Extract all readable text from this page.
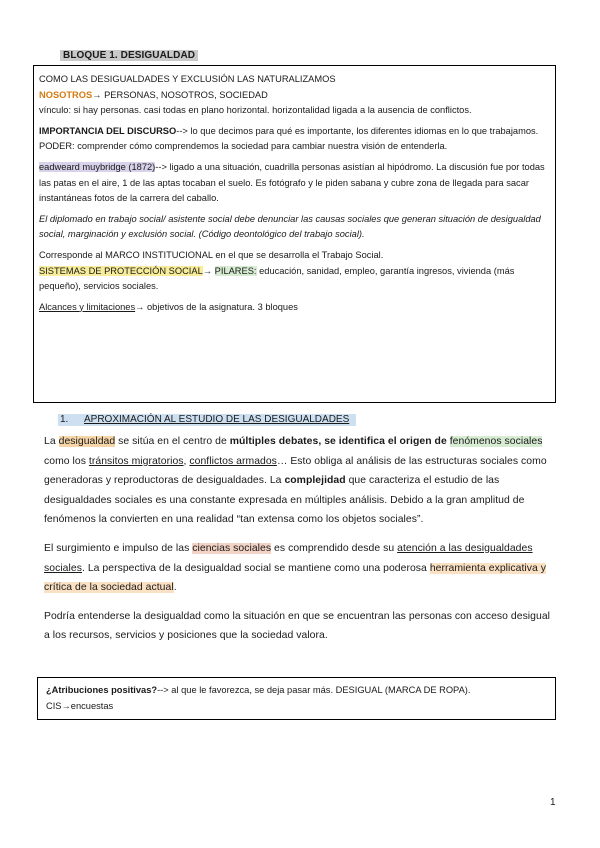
BLOQUE 1. DESIGUALDAD

COMO LAS DESIGUALDADES Y EXCLUSIÓN LAS NATURALIZAMOS

NOSOTROS→ PERSONAS, NOSOTROS, SOCIEDAD

vínculo: si hay personas. casi todas en plano horizontal. horizontalidad ligada a la ausencia de conflictos.

IMPORTANCIA DEL DISCURSO--> lo que decimos para qué es importante, los diferentes idiomas en lo que trabajamos. PODER: comprender cómo comprendemos la sociedad para cambiar nuestra visión de entenderla.

eadweard muybridge (1872)--> ligado a una situación, cuadrilla personas asistían al hipódromo. La discusión fue por todas las patas en el aire, 1 de las aptas tocaban el suelo. Es fotógrafo y le piden sabana y cubre zona de llegada para sacar instantáneas fotos de la carrera del caballo.

El diplomado en trabajo social/ asistente social debe denunciar las causas sociales que generan situación de desigualdad social, marginación y exclusión social. (Código deontológico del trabajo social).

Corresponde al MARCO INSTITUCIONAL en el que se desarrolla el Trabajo Social.

SISTEMAS DE PROTECCIÓN SOCIAL→ PILARES: educación, sanidad, empleo, garantía ingresos, vivienda (más pequeño), servicios sociales.

Alcances y limitaciones→ objetivos de la asignatura. 3 bloques

1. APROXIMACIÓN AL ESTUDIO DE LAS DESIGUALDADES

La desigualdad se sitúa en el centro de múltiples debates, se identifica el origen de fenómenos sociales como los tránsitos migratorios, conflictos armados… Esto obliga al análisis de las estructuras sociales como generadoras y reproductoras de desigualdades. La complejidad que caracteriza el estudio de las desigualdades sociales es una constante expresada en múltiples análisis. Debido a la gran amplitud de fenómenos la convierten en una realidad “tan extensa como los objetos sociales”.

El surgimiento e impulso de las ciencias sociales es comprendido desde su atención a las desigualdades sociales. La perspectiva de la desigualdad social se mantiene como una poderosa herramienta explicativa y crítica de la sociedad actual.

Podría entenderse la desigualdad como la situación en que se encuentran las personas con acceso desigual a los recursos, servicios y posiciones que la sociedad valora.

¿Atribuciones positivas?--> al que le favorezca, se deja pasar más. DESIGUAL (MARCA DE ROPA).

CIS→encuestas

1
